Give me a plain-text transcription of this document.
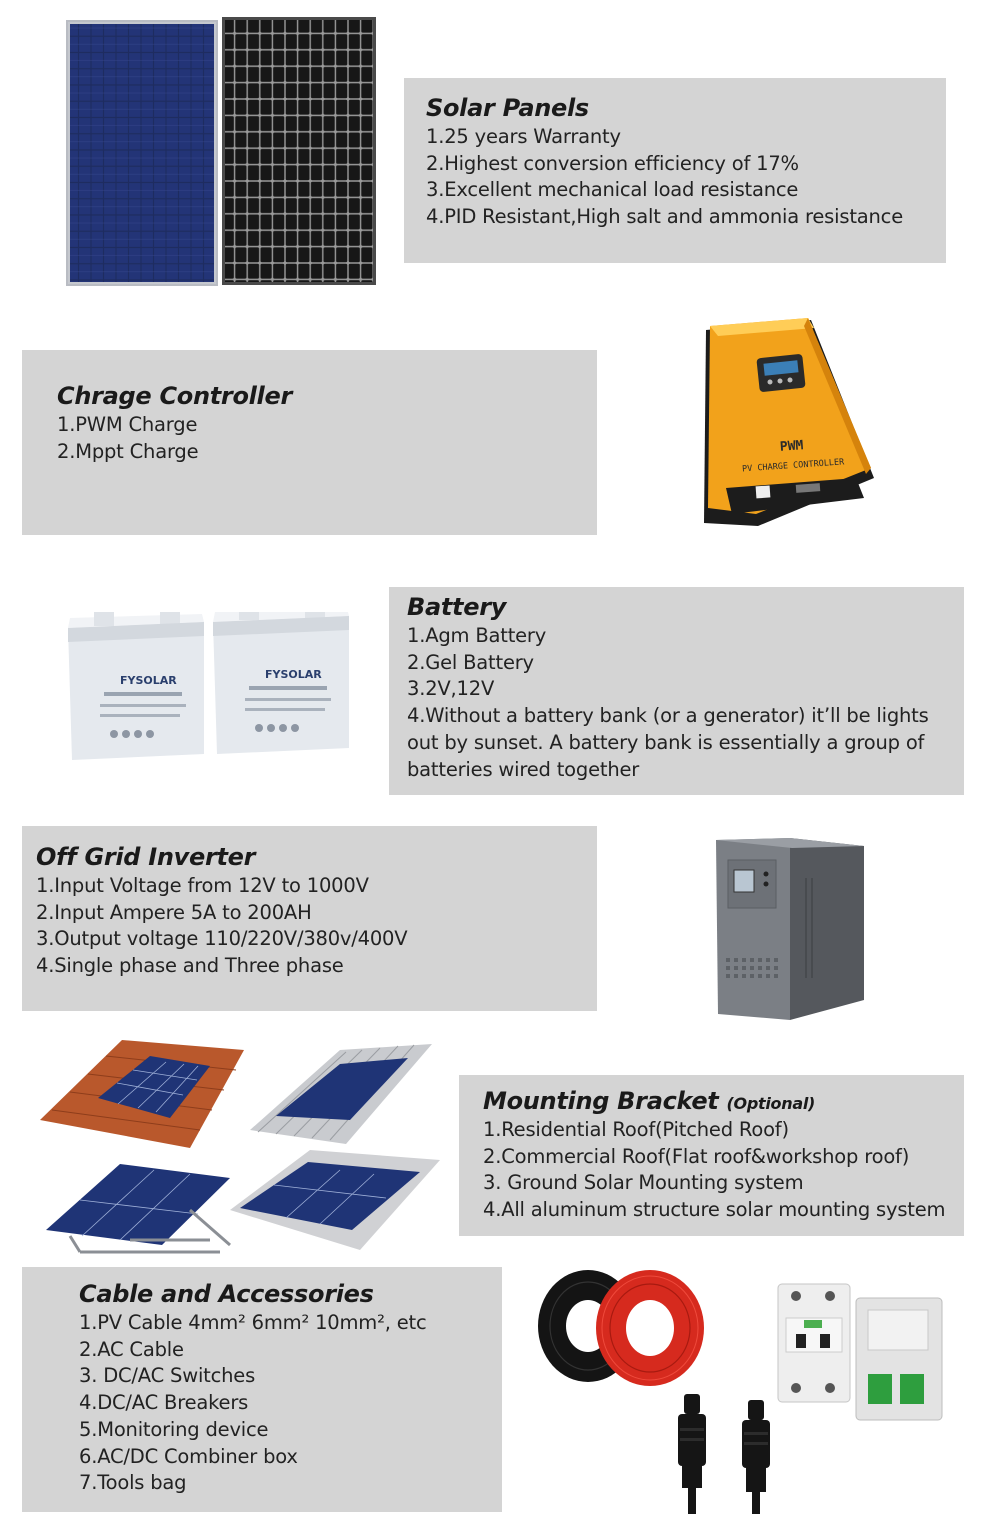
Solar Panels
1.25 years Warranty
2.Highest conversion efficiency of 17%
3.Excellent mechanical load resistance
4.PID Resistant,High salt and ammonia resistance
Chrage Controller
1.PWM Charge
2.Mppt Charge	PWM
PV CHARGE CONTROLLER
FYSOLAR	FYSOLAR
Battery
1.Agm Battery
2.Gel Battery
3.2V,12V
4.Without a battery bank (or a generator) it’ll be lights
out by sunset. A battery bank is essentially a group of
batteries wired together
Off Grid Inverter
1.Input Voltage from 12V to 1000V
2.Input Ampere 5A to 200AH
3.Output voltage 110/220V/380v/400V
4.Single phase and Three phase
Mounting Bracket (Optional)
1.Residential Roof(Pitched Roof)
2.Commercial Roof(Flat roof&workshop roof)
3. Ground Solar Mounting system
4.All aluminum structure solar mounting system
Cable and Accessories
1.PV Cable 4mm² 6mm² 10mm², etc
2.AC Cable
3. DC/AC Switches
4.DC/AC Breakers
5.Monitoring device
6.AC/DC Combiner box
7.Tools bag
